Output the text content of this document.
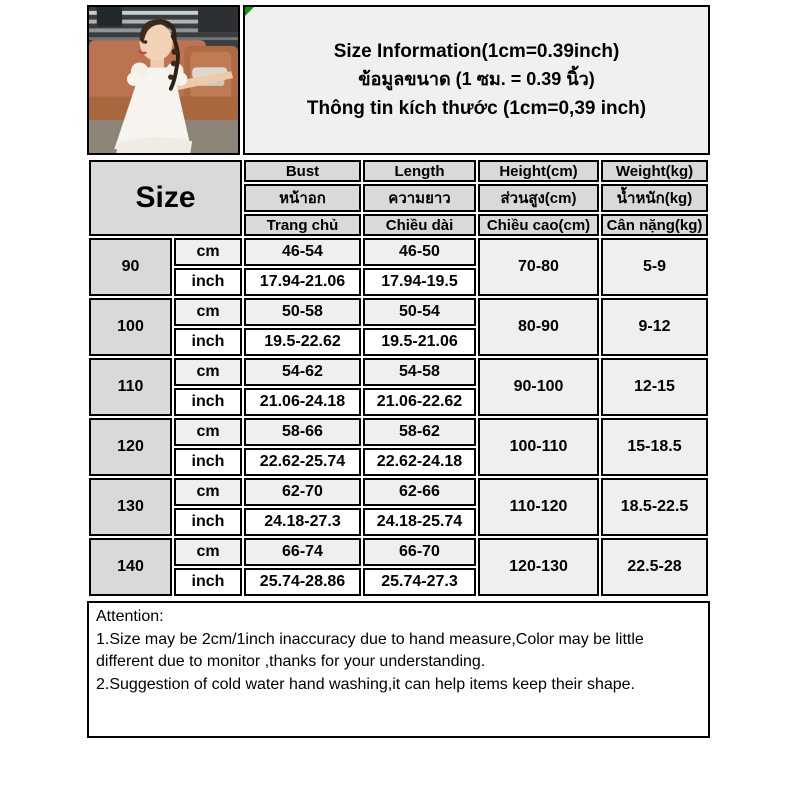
Size Information(1cm=0.39inch)
ข้อมูลขนาด (1 ซม. = 0.39 นิ้ว)
Thông tin kích thước (1cm=0,39 inch)
Size		Bust	Length	Height(cm)	Weight(kg)
		หน้าอก	ความยาว	ส่วนสูง(cm)	น้ำหนัก(kg)
		Trang chủ	Chiều dài	Chiều cao(cm)	Cân nặng(kg)
90	cm	46-54	46-50	70-80	5-9
	inch	17.94-21.06	17.94-19.5		
100	cm	50-58	50-54	80-90	9-12
	inch	19.5-22.62	19.5-21.06		
110	cm	54-62	54-58	90-100	12-15
	inch	21.06-24.18	21.06-22.62		
120	cm	58-66	58-62	100-110	15-18.5
	inch	22.62-25.74	22.62-24.18		
130	cm	62-70	62-66	110-120	18.5-22.5
	inch	24.18-27.3	24.18-25.74		
140	cm	66-74	66-70	120-130	22.5-28
	inch	25.74-28.86	25.74-27.3		

Attention:

1.Size may be 2cm/1inch inaccuracy due to hand measure,Color may be little different due to monitor ,thanks for your understanding.

2.Suggestion of cold water hand washing,it can help items keep their shape.
